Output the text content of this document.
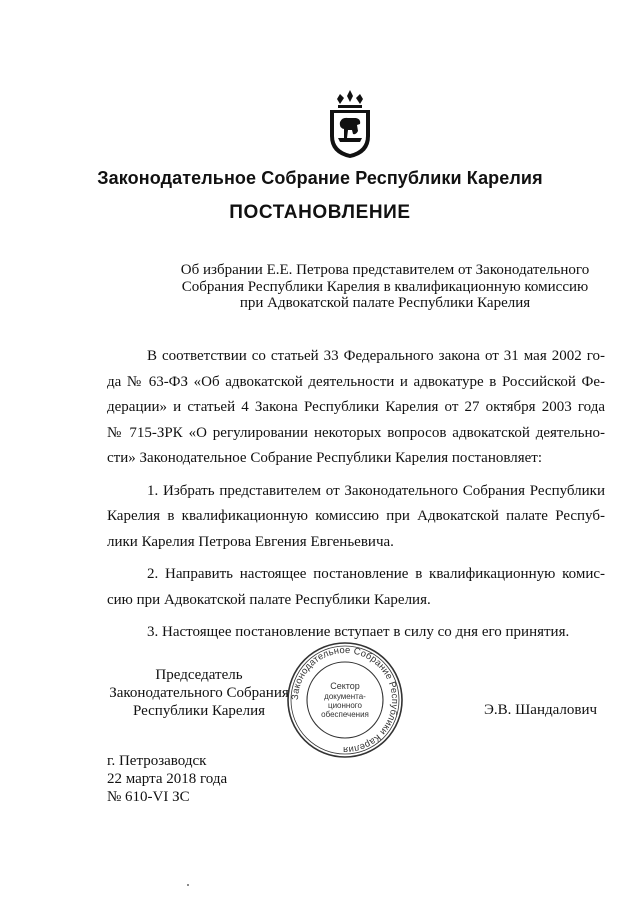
Законодательное Собрание Республики Карелия
ПОСТАНОВЛЕНИЕ
Об избрании Е.Е. Петрова представителем от Законодательного
Собрания Республики Карелия в квалификационную комиссию
при Адвокатской палате Республики Карелия
В соответствии со статьей 33 Федерального закона от 31 мая 2002 го-
да № 63-ФЗ «Об адвокатской деятельности и адвокатуре в Российской Фе-
дерации» и статьей 4 Закона Республики Карелия от 27 октября 2003 года
№ 715-ЗРК «О регулировании некоторых вопросов адвокатской деятельно-
сти» Законодательное Собрание Республики Карелия постановляет:
1. Избрать представителем от Законодательного Собрания Республики
Карелия в квалификационную комиссию при Адвокатской палате Респуб-
лики Карелия Петрова Евгения Евгеньевича.
2. Направить настоящее постановление в квалификационную комис-
сию при Адвокатской палате Республики Карелия.
3. Настоящее постановление вступает в силу со дня его принятия.
Председатель
Законодательного Собрания
Республики Карелия
Законодательное Собрание Республики Карелия
Сектор
документа-
ционного
обеспечения	Э.В. Шандалович
г. Петрозаводск
22 марта 2018 года
№ 610-VI ЗС
